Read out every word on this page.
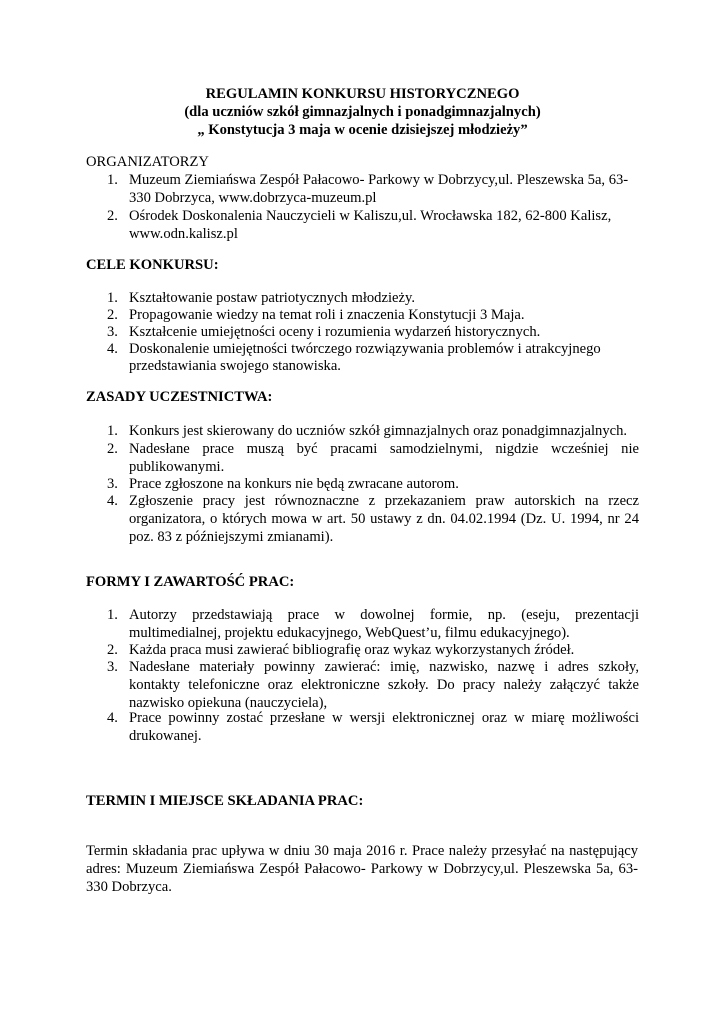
REGULAMIN KONKURSU HISTORYCZNEGO
(dla uczniów szkół gimnazjalnych i ponadgimnazjalnych)
„ Konstytucja 3 maja w ocenie dzisiejszej młodzieży”
ORGANIZATORZY
1. Muzeum Ziemiańswa Zespół Pałacowo- Parkowy w Dobrzycy,ul. Pleszewska 5a, 63-
330 Dobrzyca, www.dobrzyca-muzeum.pl
2. Ośrodek Doskonalenia Nauczycieli w Kaliszu,ul. Wrocławska 182, 62-800 Kalisz,
www.odn.kalisz.pl
CELE KONKURSU:
1. Kształtowanie postaw patriotycznych młodzieży.
2. Propagowanie wiedzy na temat roli i znaczenia Konstytucji 3 Maja.
3. Kształcenie umiejętności oceny i rozumienia wydarzeń historycznych.
4. Doskonalenie umiejętności twórczego rozwiązywania problemów i atrakcyjnego
przedstawiania swojego stanowiska.
ZASADY UCZESTNICTWA:
1. Konkurs jest skierowany do uczniów szkół gimnazjalnych oraz ponadgimnazjalnych.
2. Nadesłane prace muszą być pracami samodzielnymi, nigdzie wcześniej nie
publikowanymi.
3. Prace zgłoszone na konkurs nie będą zwracane autorom.
4. Zgłoszenie pracy jest równoznaczne z przekazaniem praw autorskich na rzecz
organizatora, o których mowa w art. 50 ustawy z dn. 04.02.1994 (Dz. U. 1994, nr 24
poz. 83 z późniejszymi zmianami).
FORMY I ZAWARTOŚĆ PRAC:
1. Autorzy przedstawiają prace w dowolnej formie, np. (eseju, prezentacji
multimedialnej, projektu edukacyjnego, WebQuest’u, filmu edukacyjnego).
2. Każda praca musi zawierać bibliografię oraz wykaz wykorzystanych źródeł.
3. Nadesłane materiały powinny zawierać: imię, nazwisko, nazwę i adres szkoły,
kontakty telefoniczne oraz elektroniczne szkoły. Do pracy należy załączyć także
nazwisko opiekuna (nauczyciela),
4. Prace powinny zostać przesłane w wersji elektronicznej oraz w miarę możliwości
drukowanej.
TERMIN I MIEJSCE SKŁADANIA PRAC:
Termin składania prac upływa w dniu 30 maja 2016 r. Prace należy przesyłać na następujący
adres: Muzeum Ziemiańswa Zespół Pałacowo- Parkowy w Dobrzycy,ul. Pleszewska 5a, 63-
330 Dobrzyca.
